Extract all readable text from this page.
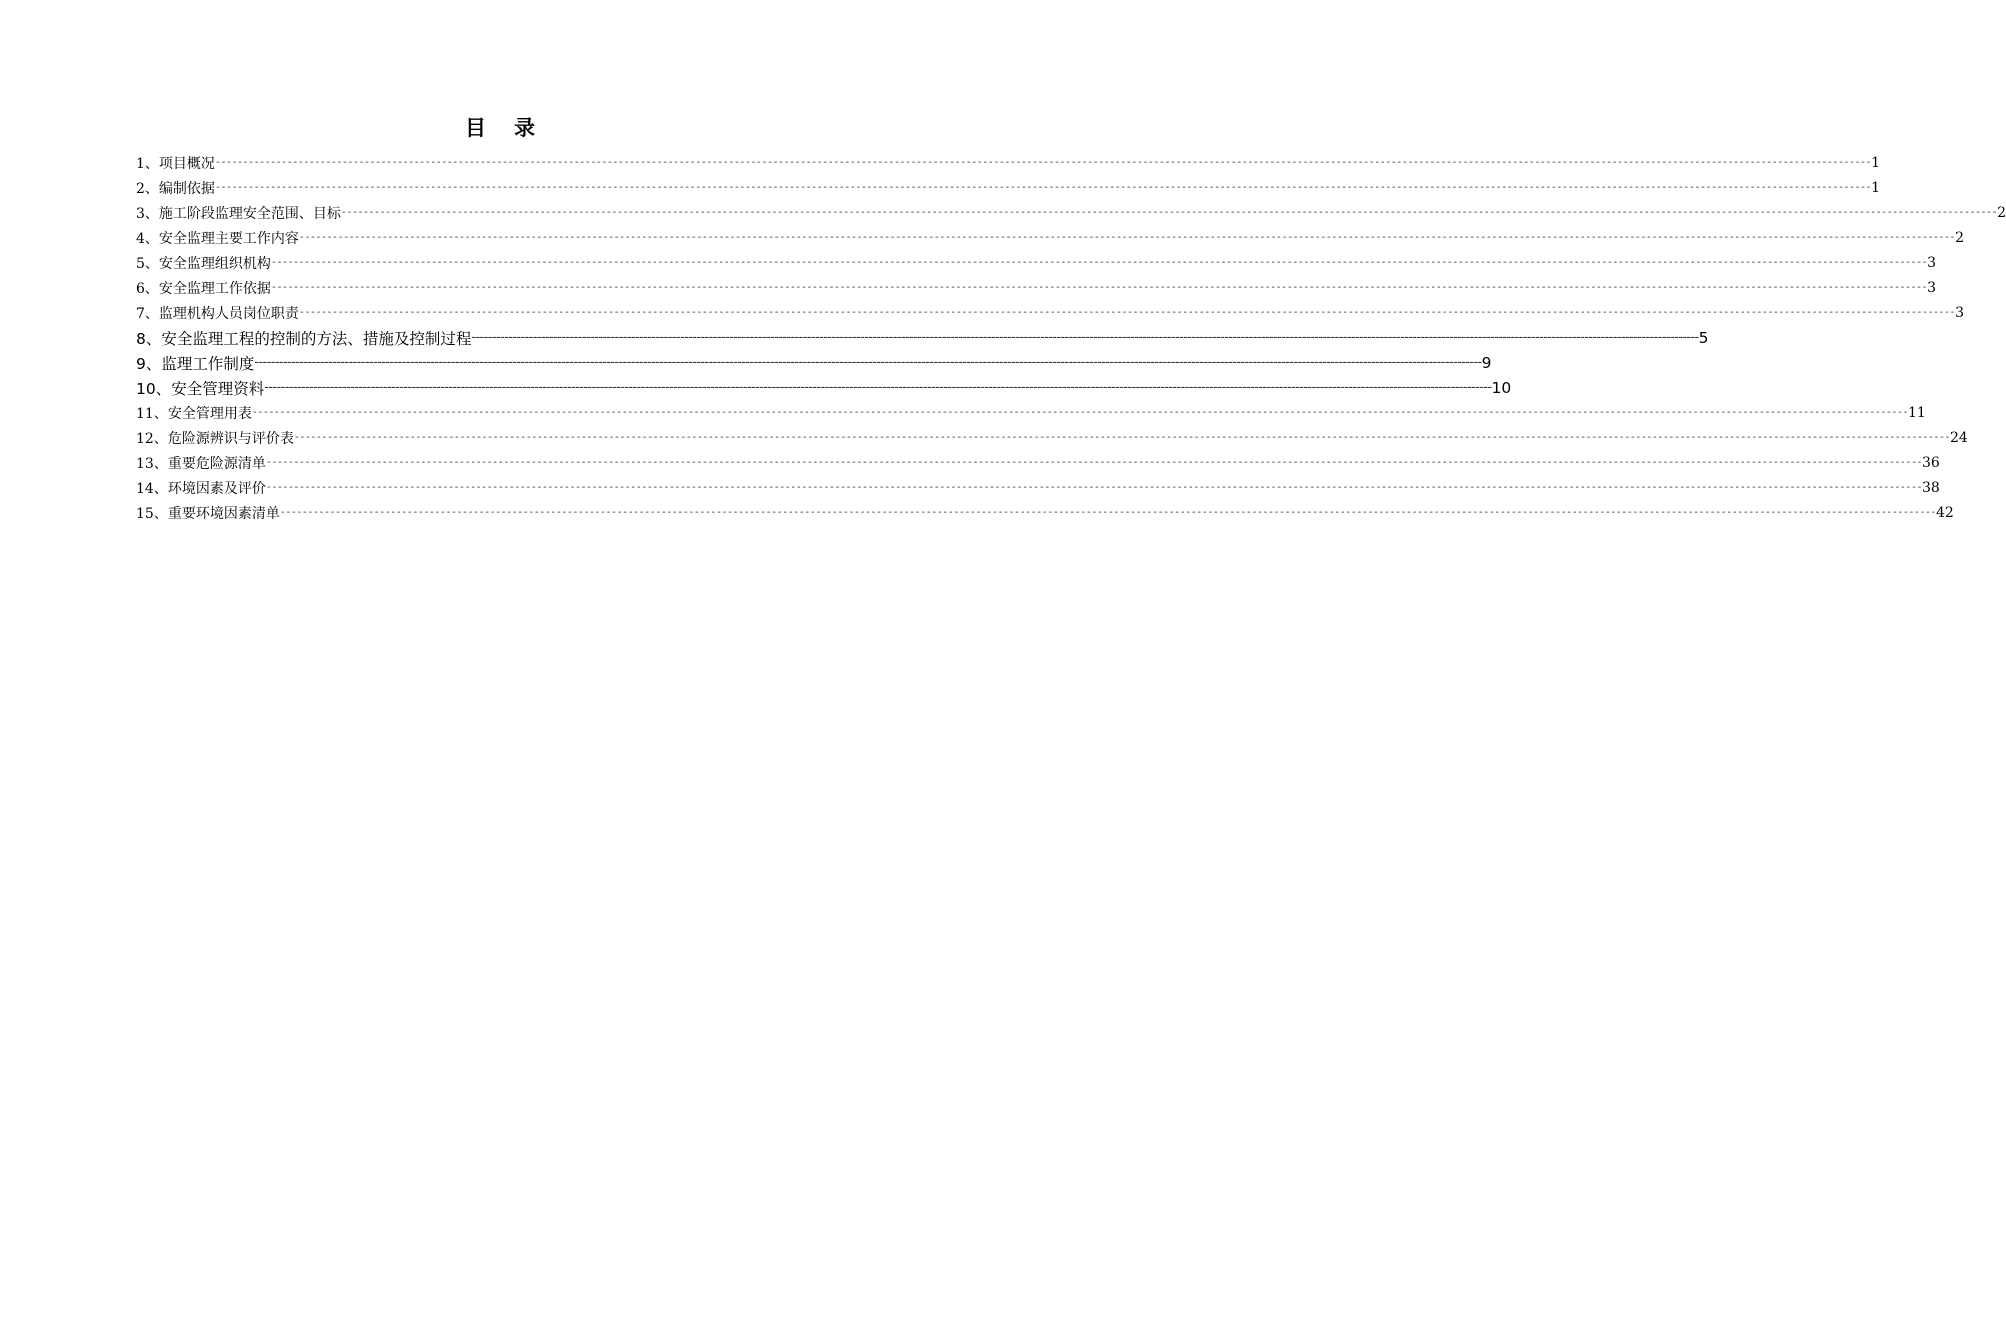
目 录
1、项目概况 ------------------------------------------------------------------------------------------------------------------------------------------------------------------------------------------------------------------------------------------------------------------------------------------------------------ 1
2、编制依据 ------------------------------------------------------------------------------------------------------------------------------------------------------------------------------------------------------------------------------------------------------------------------------------------------------------ 1
3、施工阶段监理安全范围、目标 ------------------------------------------------------------------------------------------------------------------------------------------------------------------------------------------------------------------------------------------------------------------------------------------------------------ 2
4、安全监理主要工作内容 ------------------------------------------------------------------------------------------------------------------------------------------------------------------------------------------------------------------------------------------------------------------------------------------------------------ 2
5、安全监理组织机构 ------------------------------------------------------------------------------------------------------------------------------------------------------------------------------------------------------------------------------------------------------------------------------------------------------------ 3
6、安全监理工作依据 ------------------------------------------------------------------------------------------------------------------------------------------------------------------------------------------------------------------------------------------------------------------------------------------------------------ 3
7、监理机构人员岗位职责 ------------------------------------------------------------------------------------------------------------------------------------------------------------------------------------------------------------------------------------------------------------------------------------------------------------ 3
8、安全监理工程的控制的方法、措施及控制过程 ------------------------------------------------------------------------------------------------------------------------------------------------------------------------------------------------------------------------------------------------------------------------------------------------------------ 5
9、监理工作制度 ------------------------------------------------------------------------------------------------------------------------------------------------------------------------------------------------------------------------------------------------------------------------------------------------------------ 9
10、安全管理资料 ------------------------------------------------------------------------------------------------------------------------------------------------------------------------------------------------------------------------------------------------------------------------------------------------------------ 10
11、安全管理用表 ------------------------------------------------------------------------------------------------------------------------------------------------------------------------------------------------------------------------------------------------------------------------------------------------------------ 11
12、危险源辨识与评价表 ------------------------------------------------------------------------------------------------------------------------------------------------------------------------------------------------------------------------------------------------------------------------------------------------------------ 24
13、重要危险源清单 ------------------------------------------------------------------------------------------------------------------------------------------------------------------------------------------------------------------------------------------------------------------------------------------------------------ 36
14、环境因素及评价 ------------------------------------------------------------------------------------------------------------------------------------------------------------------------------------------------------------------------------------------------------------------------------------------------------------ 38
15、重要环境因素清单 ------------------------------------------------------------------------------------------------------------------------------------------------------------------------------------------------------------------------------------------------------------------------------------------------------------ 42
